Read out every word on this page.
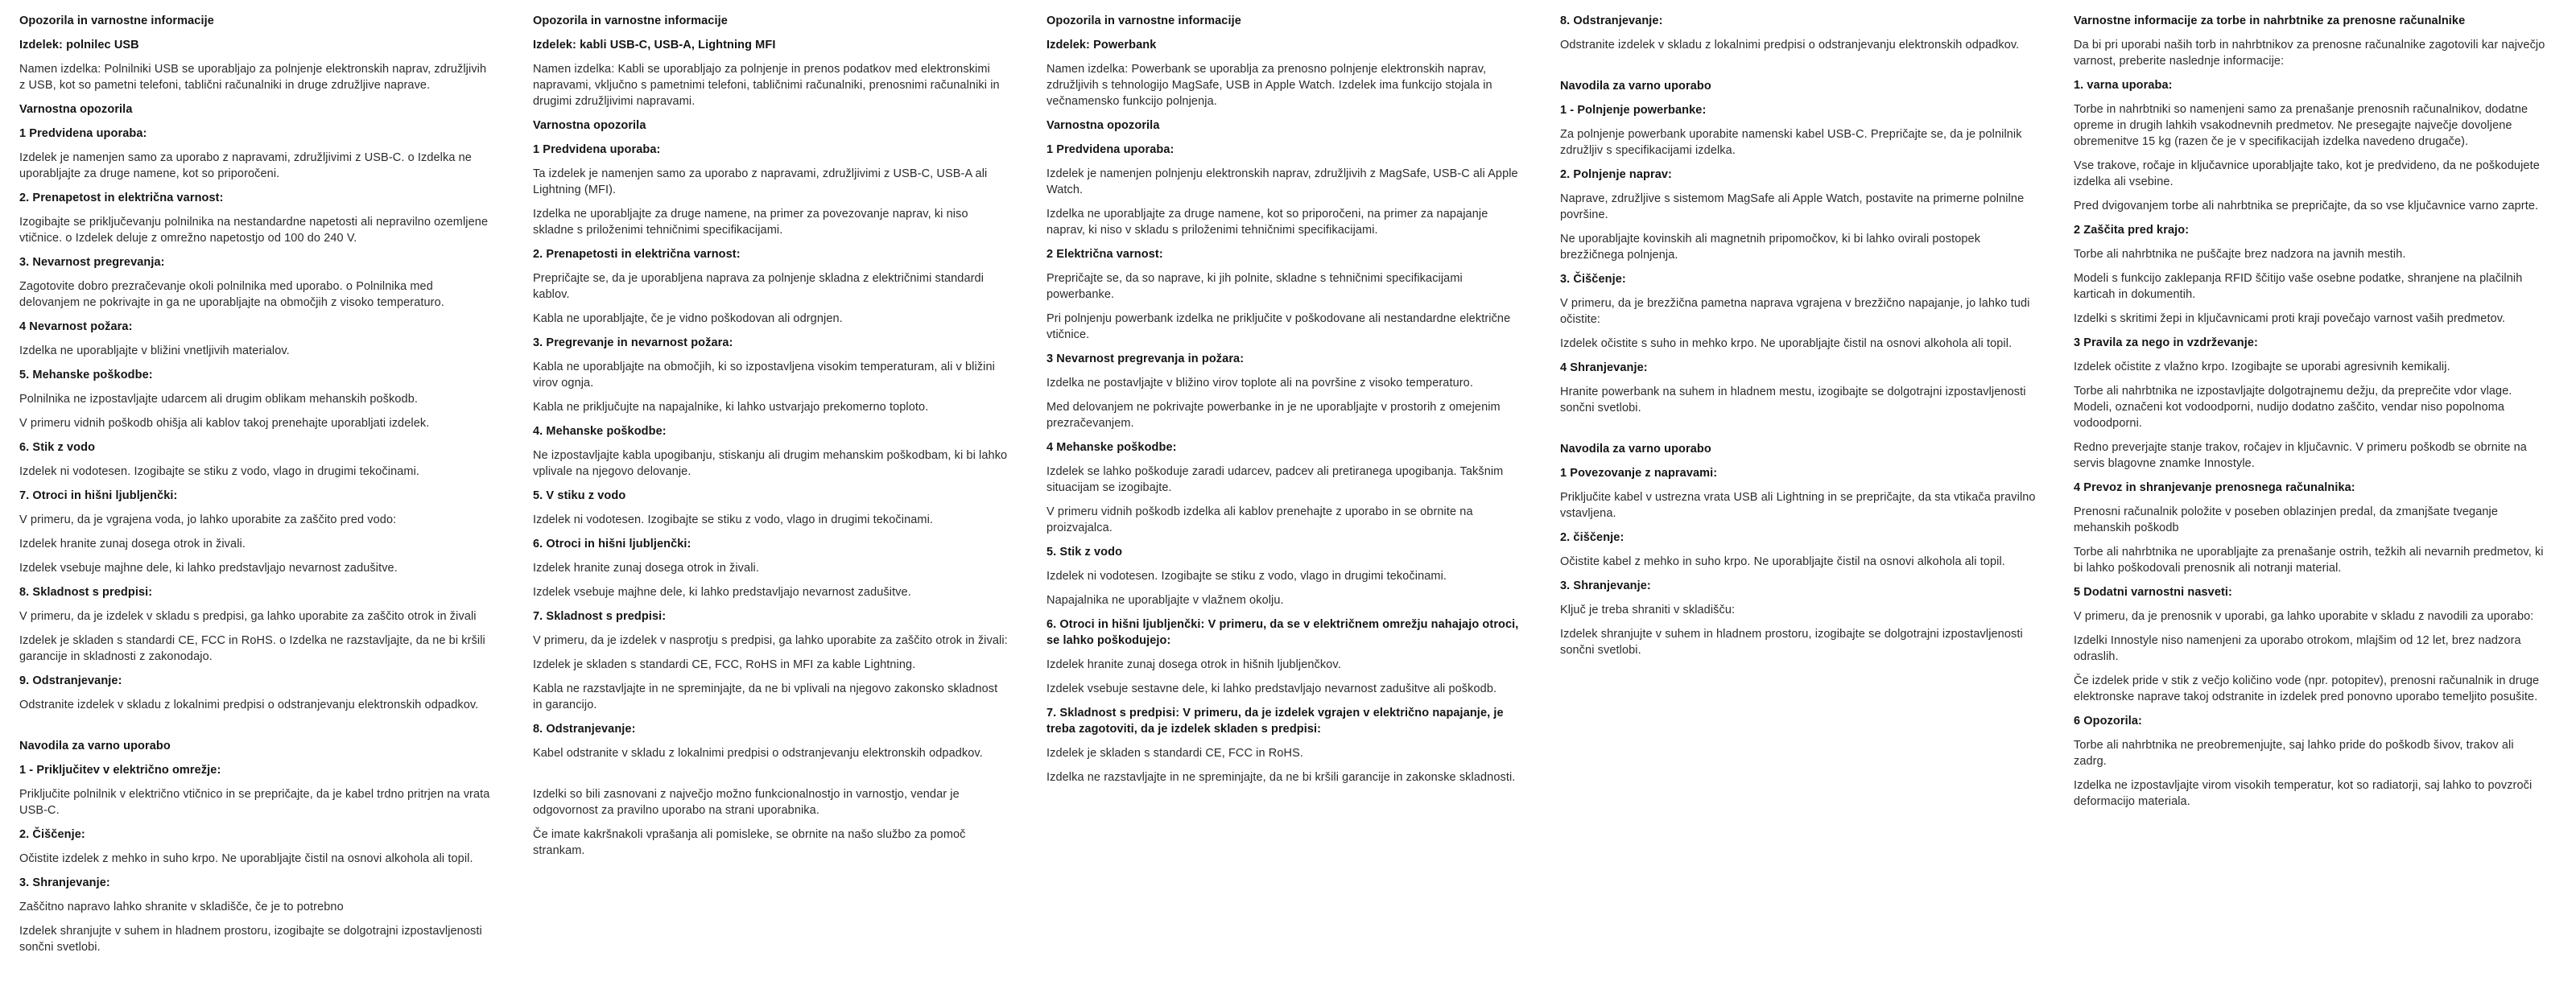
Opozorila in varnostne informacije
Izdelek: polnilec USB
Namen izdelka: Polnilniki USB se uporabljajo za polnjenje elektronskih naprav, združljivih z USB, kot so pametni telefoni, tablični računalniki in druge združljive naprave.
Varnostna opozorila
1 Predvidena uporaba:
Izdelek je namenjen samo za uporabo z napravami, združljivimi z USB-C. o Izdelka ne uporabljajte za druge namene, kot so priporočeni.
2. Prenapetost in električna varnost:
Izogibajte se priključevanju polnilnika na nestandardne napetosti ali nepravilno ozemljene vtičnice. o Izdelek deluje z omrežno napetostjo od 100 do 240 V.
3. Nevarnost pregrevanja:
Zagotovite dobro prezračevanje okoli polnilnika med uporabo. o Polnilnika med delovanjem ne pokrivajte in ga ne uporabljajte na območjih z visoko temperaturo.
4 Nevarnost požara:
Izdelka ne uporabljajte v bližini vnetljivih materialov.
5. Mehanske poškodbe:
Polnilnika ne izpostavljajte udarcem ali drugim oblikam mehanskih poškodb.
V primeru vidnih poškodb ohišja ali kablov takoj prenehajte uporabljati izdelek.
6. Stik z vodo
Izdelek ni vodotesen. Izogibajte se stiku z vodo, vlago in drugimi tekočinami.
7. Otroci in hišni ljubljenčki:
V primeru, da je vgrajena voda, jo lahko uporabite za zaščito pred vodo:
Izdelek hranite zunaj dosega otrok in živali.
Izdelek vsebuje majhne dele, ki lahko predstavljajo nevarnost zadušitve.
8. Skladnost s predpisi:
V primeru, da je izdelek v skladu s predpisi, ga lahko uporabite za zaščito otrok in živali
Izdelek je skladen s standardi CE, FCC in RoHS. o Izdelka ne razstavljajte, da ne bi kršili garancije in skladnosti z zakonodajo.
9. Odstranjevanje:
Odstranite izdelek v skladu z lokalnimi predpisi o odstranjevanju elektronskih odpadkov.
Navodila za varno uporabo
1 - Priključitev v električno omrežje:
Priključite polnilnik v električno vtičnico in se prepričajte, da je kabel trdno pritrjen na vrata USB-C.
2. Čiščenje:
Očistite izdelek z mehko in suho krpo. Ne uporabljajte čistil na osnovi alkohola ali topil.
3. Shranjevanje:
Zaščitno napravo lahko shranite v skladišče, če je to potrebno
Izdelek shranjujte v suhem in hladnem prostoru, izogibajte se dolgotrajni izpostavljenosti sončni svetlobi.
Opozorila in varnostne informacije
Izdelek: kabli USB-C, USB-A, Lightning MFI
Namen izdelka: Kabli se uporabljajo za polnjenje in prenos podatkov med elektronskimi napravami, vključno s pametnimi telefoni, tabličnimi računalniki, prenosnimi računalniki in drugimi združljivimi napravami.
Varnostna opozorila
1 Predvidena uporaba:
Ta izdelek je namenjen samo za uporabo z napravami, združljivimi z USB-C, USB-A ali Lightning (MFI).
Izdelka ne uporabljajte za druge namene, na primer za povezovanje naprav, ki niso skladne s priloženimi tehničnimi specifikacijami.
2. Prenapetosti in električna varnost:
Prepričajte se, da je uporabljena naprava za polnjenje skladna z električnimi standardi kablov.
Kabla ne uporabljajte, če je vidno poškodovan ali odrgnjen.
3. Pregrevanje in nevarnost požara:
Kabla ne uporabljajte na območjih, ki so izpostavljena visokim temperaturam, ali v bližini virov ognja.
Kabla ne priključujte na napajalnike, ki lahko ustvarjajo prekomerno toploto.
4. Mehanske poškodbe:
Ne izpostavljajte kabla upogibanju, stiskanju ali drugim mehanskim poškodbam, ki bi lahko vplivale na njegovo delovanje.
5. V stiku z vodo
Izdelek ni vodotesen. Izogibajte se stiku z vodo, vlago in drugimi tekočinami.
6. Otroci in hišni ljubljenčki:
Izdelek hranite zunaj dosega otrok in živali.
Izdelek vsebuje majhne dele, ki lahko predstavljajo nevarnost zadušitve.
7. Skladnost s predpisi:
V primeru, da je izdelek v nasprotju s predpisi, ga lahko uporabite za zaščito otrok in živali:
Izdelek je skladen s standardi CE, FCC, RoHS in MFI za kable Lightning.
Kabla ne razstavljajte in ne spreminjajte, da ne bi vplivali na njegovo zakonsko skladnost in garancijo.
8. Odstranjevanje:
Kabel odstranite v skladu z lokalnimi predpisi o odstranjevanju elektronskih odpadkov.
Izdelki so bili zasnovani z največjo možno funkcionalnostjo in varnostjo, vendar je odgovornost za pravilno uporabo na strani uporabnika.
Če imate kakršnakoli vprašanja ali pomisleke, se obrnite na našo službo za pomoč strankam.
Opozorila in varnostne informacije
Izdelek: Powerbank
Namen izdelka: Powerbank se uporablja za prenosno polnjenje elektronskih naprav, združljivih s tehnologijo MagSafe, USB in Apple Watch. Izdelek ima funkcijo stojala in večnamensko funkcijo polnjenja.
Varnostna opozorila
1 Predvidena uporaba:
Izdelek je namenjen polnjenju elektronskih naprav, združljivih z MagSafe, USB-C ali Apple Watch.
Izdelka ne uporabljajte za druge namene, kot so priporočeni, na primer za napajanje naprav, ki niso v skladu s priloženimi tehničnimi specifikacijami.
2 Električna varnost:
Prepričajte se, da so naprave, ki jih polnite, skladne s tehničnimi specifikacijami powerbanke.
Pri polnjenju powerbank izdelka ne priključite v poškodovane ali nestandardne električne vtičnice.
3 Nevarnost pregrevanja in požara:
Izdelka ne postavljajte v bližino virov toplote ali na površine z visoko temperaturo.
Med delovanjem ne pokrivajte powerbanke in je ne uporabljajte v prostorih z omejenim prezračevanjem.
4 Mehanske poškodbe:
Izdelek se lahko poškoduje zaradi udarcev, padcev ali pretiranega upogibanja. Takšnim situacijam se izogibajte.
V primeru vidnih poškodb izdelka ali kablov prenehajte z uporabo in se obrnite na proizvajalca.
5. Stik z vodo
Izdelek ni vodotesen. Izogibajte se stiku z vodo, vlago in drugimi tekočinami.
Napajalnika ne uporabljajte v vlažnem okolju.
6. Otroci in hišni ljubljenčki: V primeru, da se v električnem omrežju nahajajo otroci, se lahko poškodujejo:
Izdelek hranite zunaj dosega otrok in hišnih ljubljenčkov.
Izdelek vsebuje sestavne dele, ki lahko predstavljajo nevarnost zadušitve ali poškodb.
7. Skladnost s predpisi: V primeru, da je izdelek vgrajen v električno napajanje, je treba zagotoviti, da je izdelek skladen s predpisi:
Izdelek je skladen s standardi CE, FCC in RoHS.
Izdelka ne razstavljajte in ne spreminjajte, da ne bi kršili garancije in zakonske skladnosti.
8. Odstranjevanje:
Odstranite izdelek v skladu z lokalnimi predpisi o odstranjevanju elektronskih odpadkov.
Navodila za varno uporabo
1 - Polnjenje powerbanke:
Za polnjenje powerbank uporabite namenski kabel USB-C. Prepričajte se, da je polnilnik združljiv s specifikacijami izdelka.
2. Polnjenje naprav:
Naprave, združljive s sistemom MagSafe ali Apple Watch, postavite na primerne polnilne površine.
Ne uporabljajte kovinskih ali magnetnih pripomočkov, ki bi lahko ovirali postopek brezžičnega polnjenja.
3. Čiščenje:
V primeru, da je brezžična pametna naprava vgrajena v brezžično napajanje, jo lahko tudi očistite:
Izdelek očistite s suho in mehko krpo. Ne uporabljajte čistil na osnovi alkohola ali topil.
4 Shranjevanje:
Hranite powerbank na suhem in hladnem mestu, izogibajte se dolgotrajni izpostavljenosti sončni svetlobi.
Navodila za varno uporabo
1 Povezovanje z napravami:
Priključite kabel v ustrezna vrata USB ali Lightning in se prepričajte, da sta vtikača pravilno vstavljena.
2. čiščenje:
Očistite kabel z mehko in suho krpo. Ne uporabljajte čistil na osnovi alkohola ali topil.
3. Shranjevanje:
Ključ je treba shraniti v skladišču:
Izdelek shranjujte v suhem in hladnem prostoru, izogibajte se dolgotrajni izpostavljenosti sončni svetlobi.
Varnostne informacije za torbe in nahrbtnike za prenosne računalnike
Da bi pri uporabi naših torb in nahrbtnikov za prenosne računalnike zagotovili kar največjo varnost, preberite naslednje informacije:
1. varna uporaba:
Torbe in nahrbtniki so namenjeni samo za prenašanje prenosnih računalnikov, dodatne opreme in drugih lahkih vsakodnevnih predmetov. Ne presegajte največje dovoljene obremenitve 15 kg (razen če je v specifikacijah izdelka navedeno drugače).
Vse trakove, ročaje in ključavnice uporabljajte tako, kot je predvideno, da ne poškodujete izdelka ali vsebine.
Pred dvigovanjem torbe ali nahrbtnika se prepričajte, da so vse ključavnice varno zaprte.
2 Zaščita pred krajo:
Torbe ali nahrbtnika ne puščajte brez nadzora na javnih mestih.
Modeli s funkcijo zaklepanja RFID ščitijo vaše osebne podatke, shranjene na plačilnih karticah in dokumentih.
Izdelki s skritimi žepi in ključavnicami proti kraji povečajo varnost vaših predmetov.
3 Pravila za nego in vzdrževanje:
Izdelek očistite z vlažno krpo. Izogibajte se uporabi agresivnih kemikalij.
Torbe ali nahrbtnika ne izpostavljajte dolgotrajnemu dežju, da preprečite vdor vlage. Modeli, označeni kot vodoodporni, nudijo dodatno zaščito, vendar niso popolnoma vodoodporni.
Redno preverjajte stanje trakov, ročajev in ključavnic. V primeru poškodb se obrnite na servis blagovne znamke Innostyle.
4 Prevoz in shranjevanje prenosnega računalnika:
Prenosni računalnik položite v poseben oblazinjen predal, da zmanjšate tveganje mehanskih poškodb
Torbe ali nahrbtnika ne uporabljajte za prenašanje ostrih, težkih ali nevarnih predmetov, ki bi lahko poškodovali prenosnik ali notranji material.
5 Dodatni varnostni nasveti:
V primeru, da je prenosnik v uporabi, ga lahko uporabite v skladu z navodili za uporabo:
Izdelki Innostyle niso namenjeni za uporabo otrokom, mlajšim od 12 let, brez nadzora odraslih.
Če izdelek pride v stik z večjo količino vode (npr. potopitev), prenosni računalnik in druge elektronske naprave takoj odstranite in izdelek pred ponovno uporabo temeljito posušite.
6 Opozorila:
Torbe ali nahrbtnika ne preobremenjujte, saj lahko pride do poškodb šivov, trakov ali zadrg.
Izdelka ne izpostavljajte virom visokih temperatur, kot so radiatorji, saj lahko to povzroči deformacijo materiala.
